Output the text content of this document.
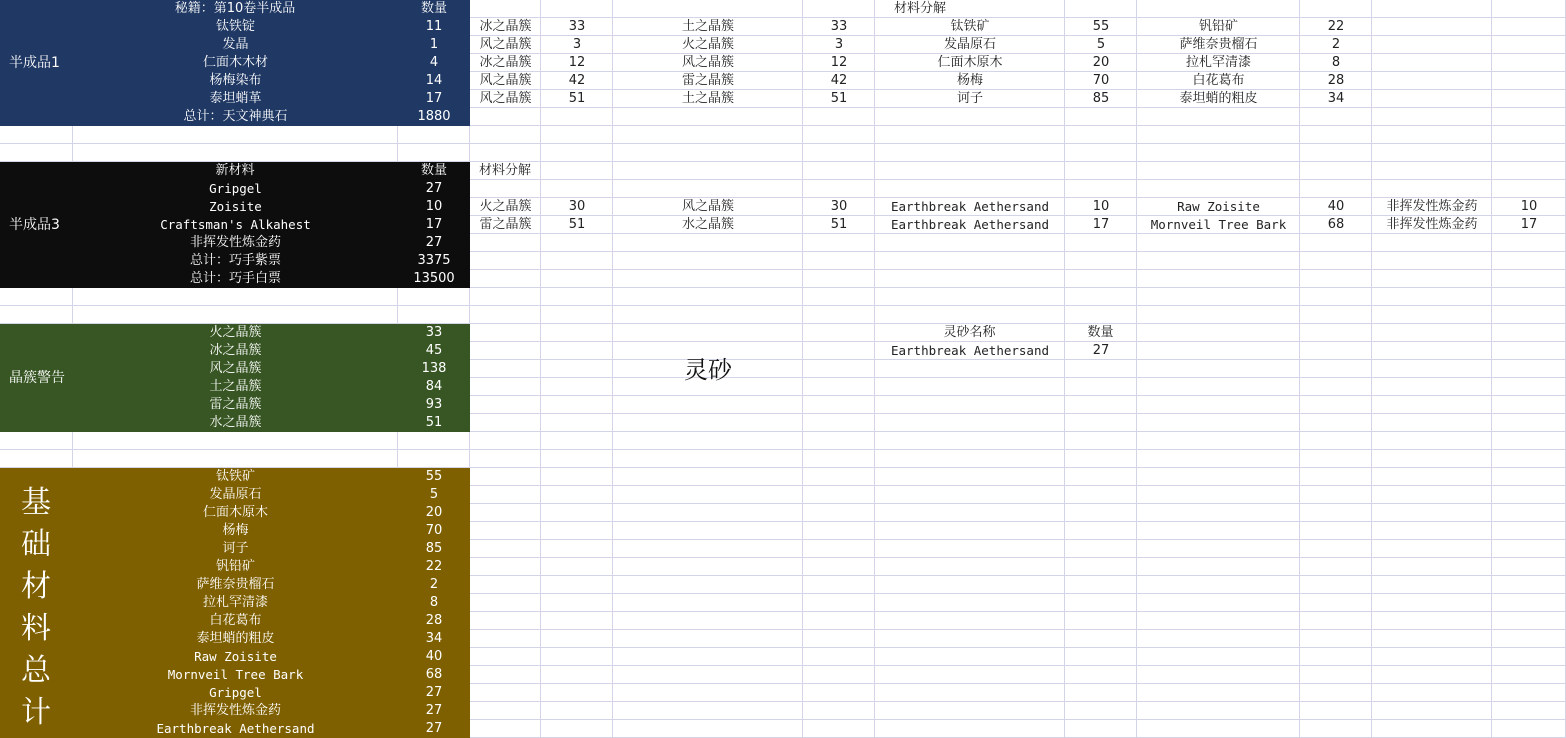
半成品1
半成品3
晶簇警告
基
础
材
料
总
计
秘籍：第10卷半成品	数量
新材料	数量
材料分解
材料分解
灵砂
灵砂名称	数量
钛铁锭	11
发晶	1
仁面木木材	4
杨梅染布	14
泰坦蛸革	17
总计：天文神典石	1880
Gripgel	27
Zoisite	10
Craftsman's Alkahest	17
非挥发性炼金药	27
总计：巧手紫票	3375
总计：巧手白票	13500
火之晶簇	33
冰之晶簇	45
风之晶簇	138
土之晶簇	84
雷之晶簇	93
水之晶簇	51
钛铁矿	55
发晶原石	5
仁面木原木	20
杨梅	70
诃子	85
钒铅矿	22
萨维奈贵榴石	2
拉札罕清漆	8
白花葛布	28
泰坦蛸的粗皮	34
Raw Zoisite	40
Mornveil Tree Bark	68
Gripgel	27
非挥发性炼金药	27
Earthbreak Aethersand	27
冰之晶簇	33	土之晶簇	33	钛铁矿	55	钒铅矿	22
风之晶簇	3	火之晶簇	3	发晶原石	5	萨维奈贵榴石	2
冰之晶簇	12	风之晶簇	12	仁面木原木	20	拉札罕清漆	8
风之晶簇	42	雷之晶簇	42	杨梅	70	白花葛布	28
风之晶簇	51	土之晶簇	51	诃子	85	泰坦蛸的粗皮	34
火之晶簇	30	风之晶簇	30	Earthbreak Aethersand	10	Raw Zoisite	40	非挥发性炼金药	10
雷之晶簇	51	水之晶簇	51	Earthbreak Aethersand	17	Mornveil Tree Bark	68	非挥发性炼金药	17
Earthbreak Aethersand	27
